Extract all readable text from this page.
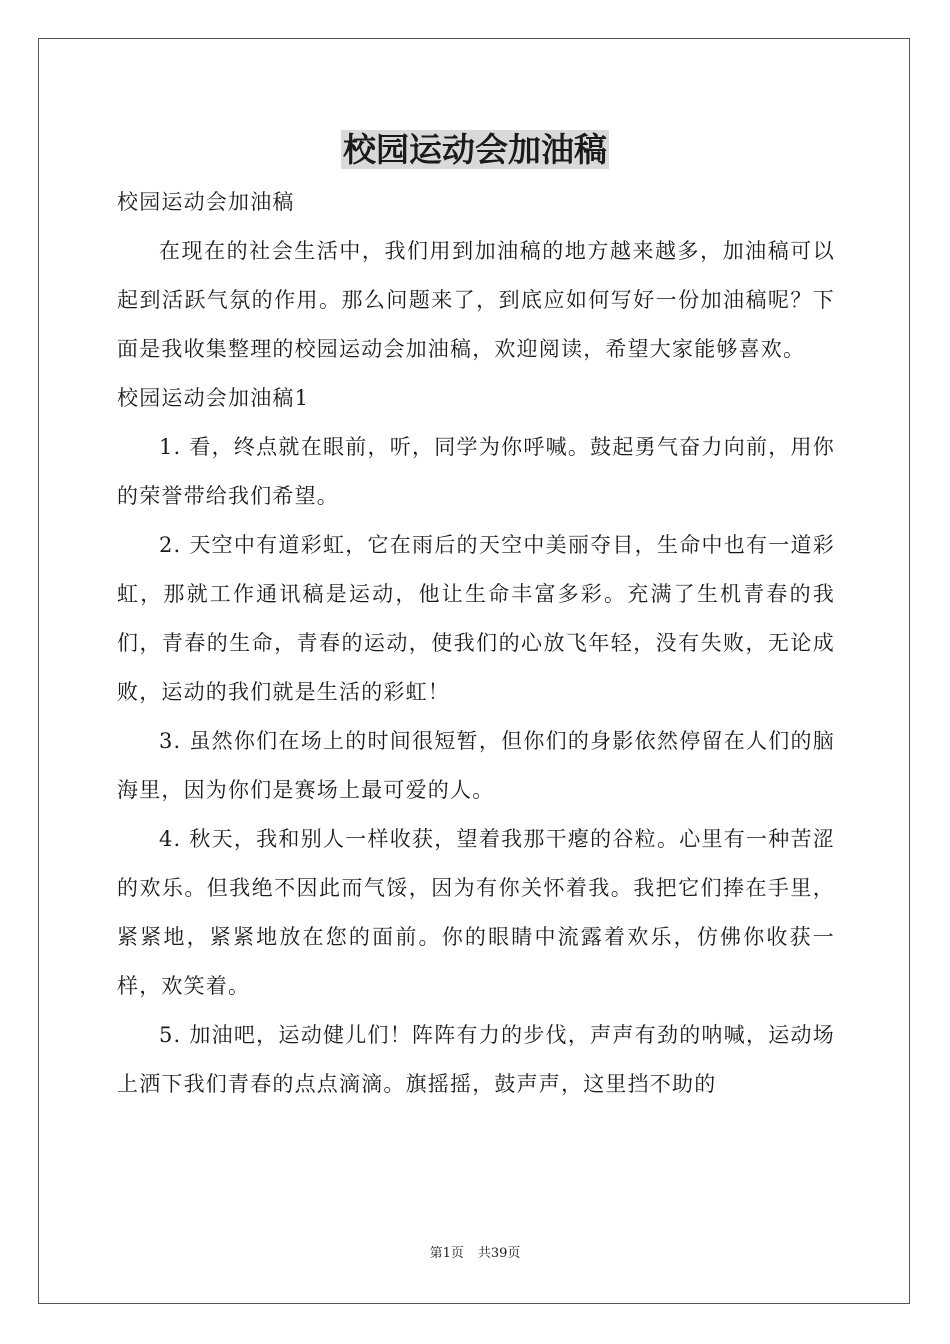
校园运动会加油稿

校园运动会加油稿

在现在的社会生活中，我们用到加油稿的地方越来越多，加油稿可以起到活跃气氛的作用。那么问题来了，到底应如何写好一份加油稿呢？下面是我收集整理的校园运动会加油稿，欢迎阅读，希望大家能够喜欢。

校园运动会加油稿1

1. 看，终点就在眼前，听，同学为你呼喊。鼓起勇气奋力向前，用你的荣誉带给我们希望。

2. 天空中有道彩虹，它在雨后的天空中美丽夺目，生命中也有一道彩虹，那就工作通讯稿是运动，他让生命丰富多彩。充满了生机青春的我们，青春的生命，青春的运动，使我们的心放飞年轻，没有失败，无论成败，运动的我们就是生活的彩虹！

3. 虽然你们在场上的时间很短暂，但你们的身影依然停留在人们的脑海里，因为你们是赛场上最可爱的人。

4. 秋天，我和别人一样收获，望着我那干瘪的谷粒。心里有一种苦涩的欢乐。但我绝不因此而气馁，因为有你关怀着我。我把它们捧在手里，紧紧地，紧紧地放在您的面前。你的眼睛中流露着欢乐，仿佛你收获一样，欢笑着。

5. 加油吧，运动健儿们！阵阵有力的步伐，声声有劲的呐喊，运动场上洒下我们青春的点点滴滴。旗摇摇，鼓声声，这里挡不助的

第1页 共39页
